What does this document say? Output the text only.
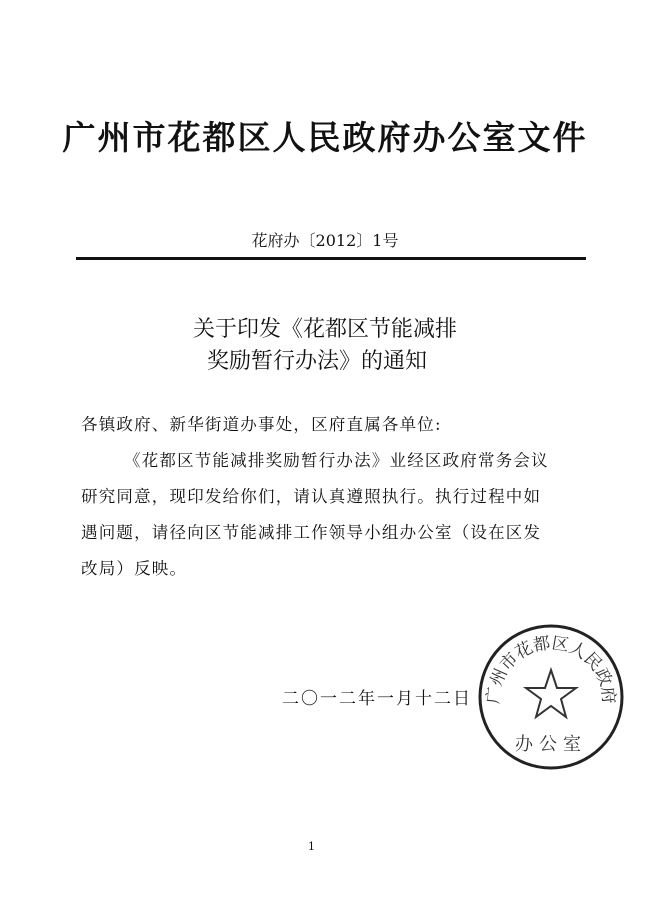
广州市花都区人民政府办公室文件
花府办〔2012〕1号
关于印发《花都区节能减排
奖励暂行办法》的通知
各镇政府、新华街道办事处，区府直属各单位:
《花都区节能减排奖励暂行办法》业经区政府常务会议
研究同意，现印发给你们，请认真遵照执行。执行过程中如
遇问题，请径向区节能减排工作领导小组办公室（设在区发
改局）反映。
二〇一二年一月十二日 广州市花都区人民政府
办公室
1
